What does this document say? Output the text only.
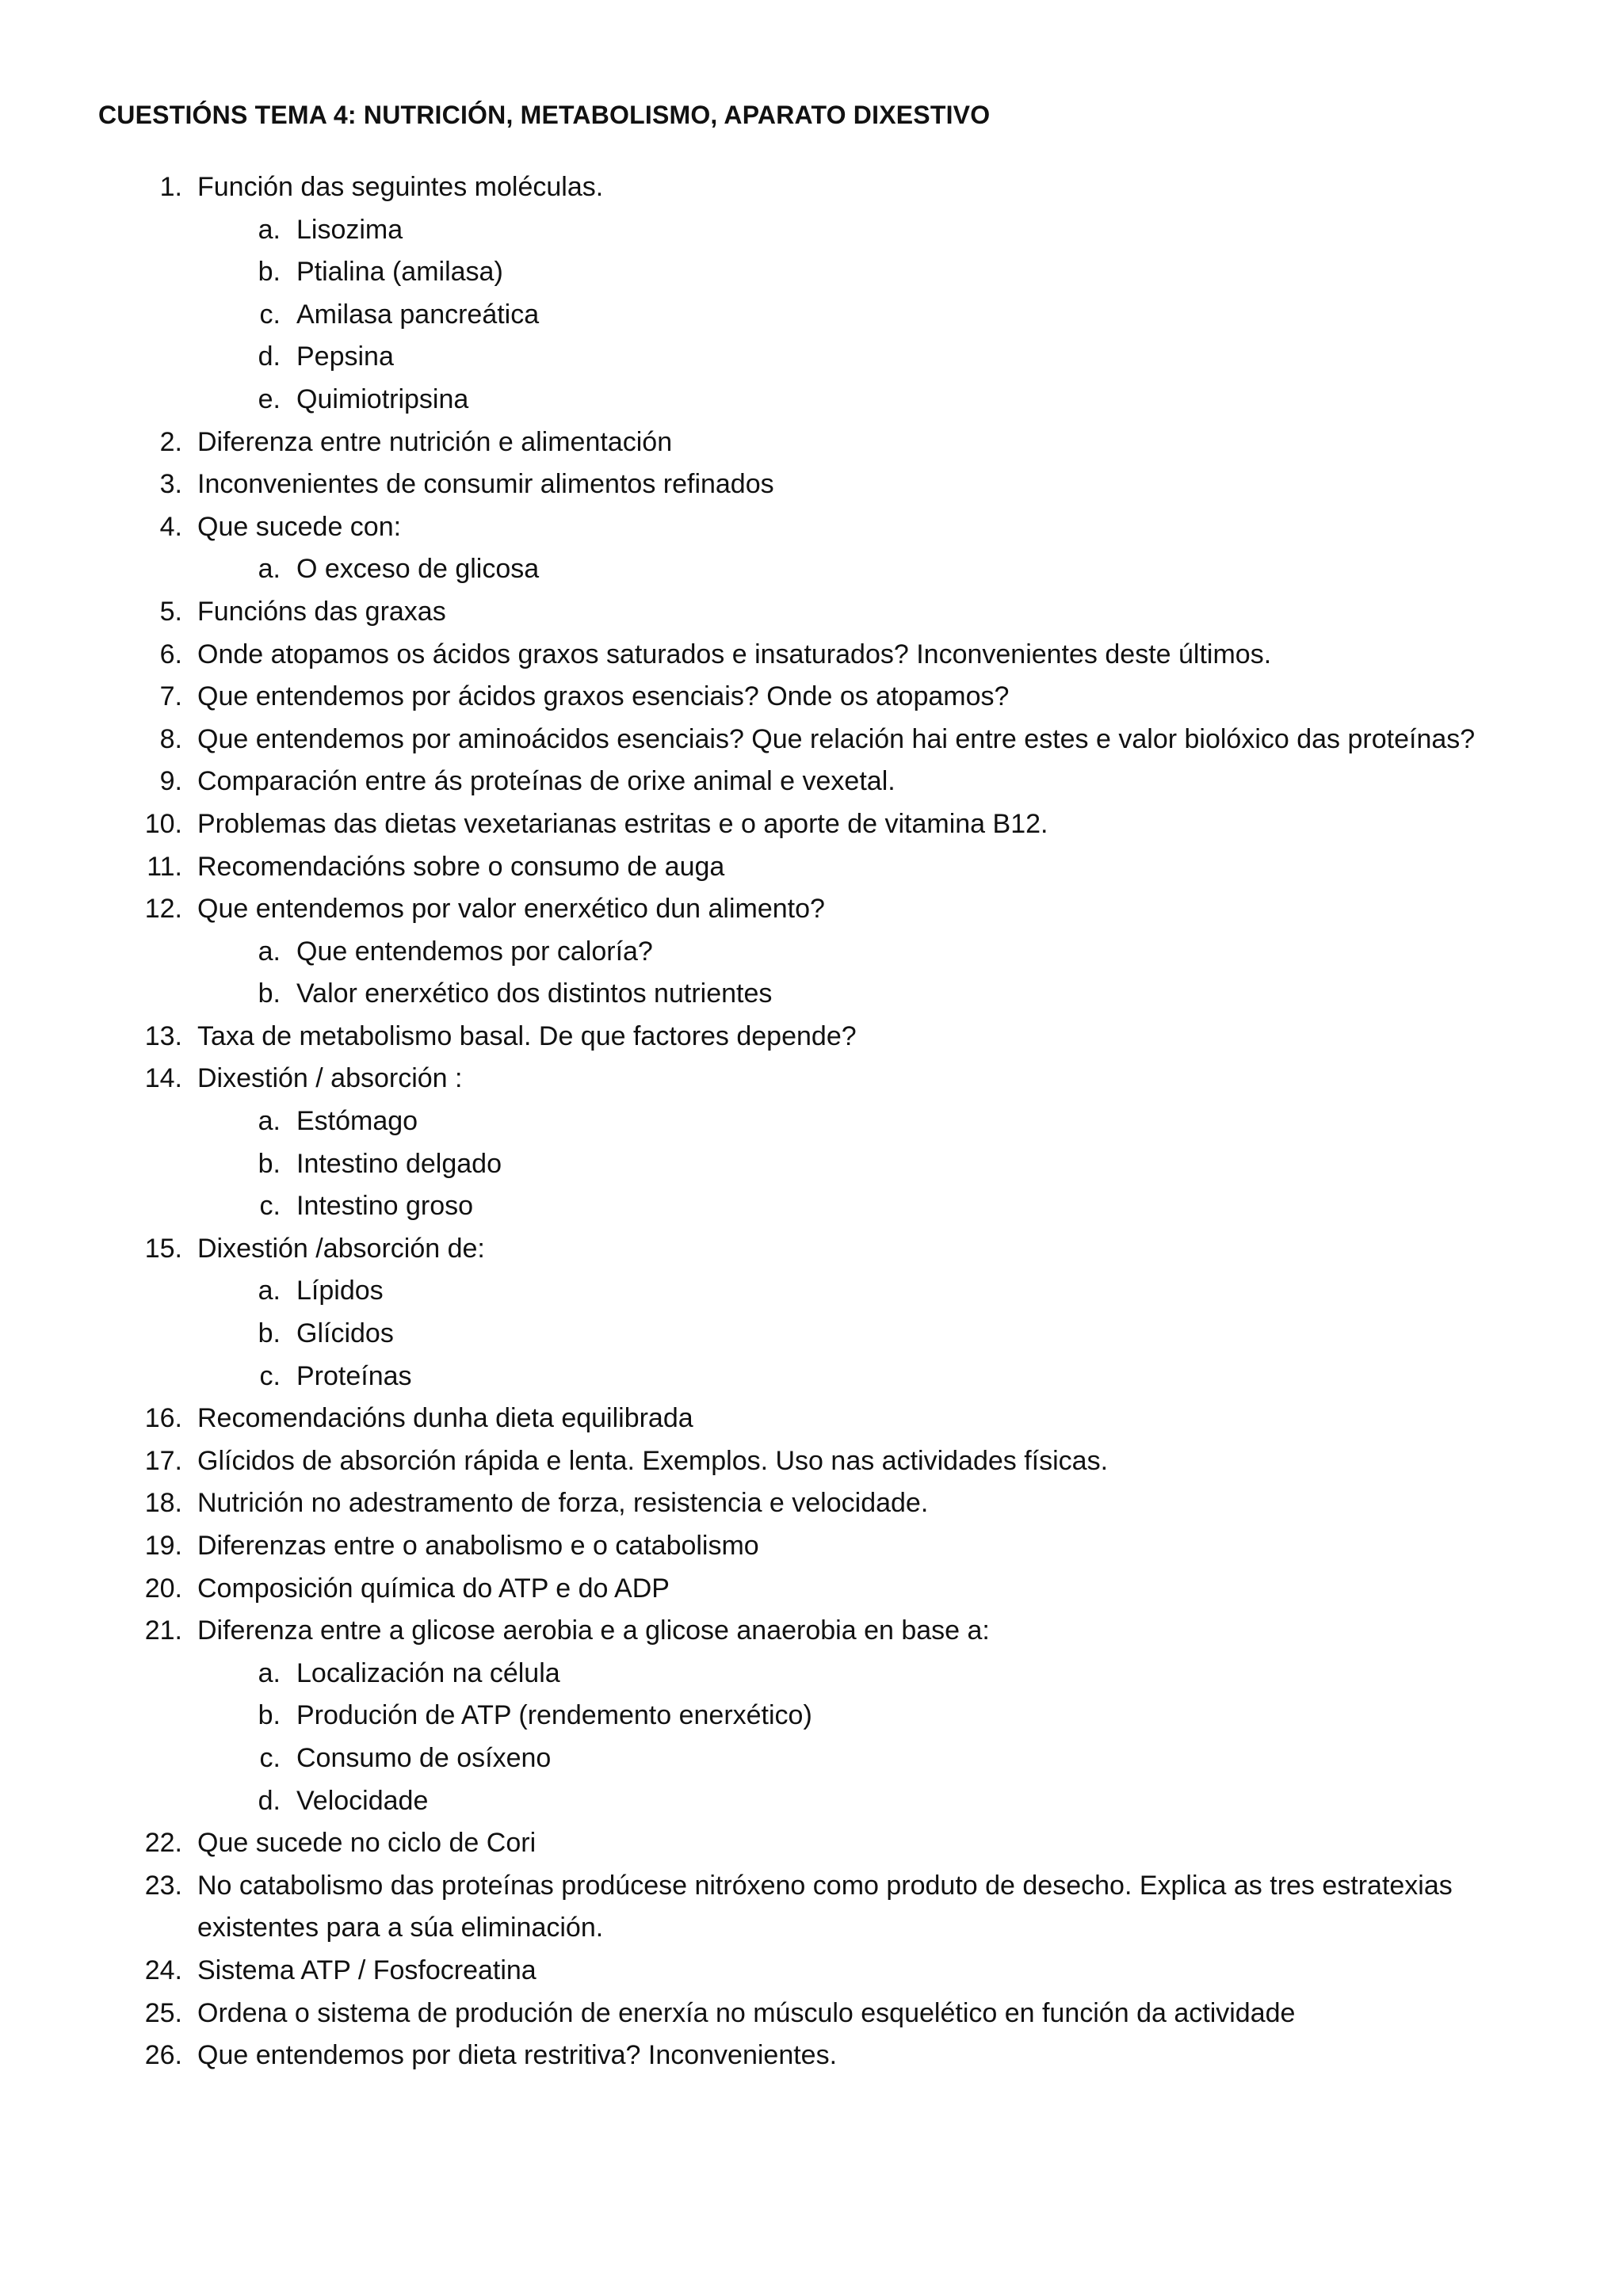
CUESTIÓNS TEMA 4: NUTRICIÓN, METABOLISMO, APARATO DIXESTIVO
1. Función das seguintes moléculas.
a. Lisozima
b. Ptialina (amilasa)
c. Amilasa pancreática
d. Pepsina
e. Quimiotripsina
2. Diferenza entre nutrición e alimentación
3. Inconvenientes de consumir alimentos refinados
4. Que sucede con:
a. O exceso de glicosa
5. Funcións das graxas
6. Onde atopamos os ácidos graxos saturados e insaturados? Inconvenientes deste últimos.
7. Que entendemos por ácidos graxos esenciais? Onde os atopamos?
8. Que entendemos por aminoácidos esenciais? Que relación hai entre estes e valor biolóxico das proteínas?
9. Comparación entre ás proteínas de orixe animal e vexetal.
10. Problemas das dietas vexetarianas estritas e o aporte de vitamina B12.
11. Recomendacións sobre o consumo de auga
12. Que entendemos por valor enerxético dun alimento?
a. Que entendemos por caloría?
b. Valor enerxético dos distintos nutrientes
13. Taxa de metabolismo basal. De que factores depende?
14. Dixestión / absorción :
a. Estómago
b. Intestino delgado
c. Intestino groso
15. Dixestión /absorción de:
a. Lípidos
b. Glícidos
c. Proteínas
16. Recomendacións dunha dieta equilibrada
17. Glícidos de absorción rápida e lenta. Exemplos. Uso nas actividades físicas.
18. Nutrición no adestramento de forza, resistencia e velocidade.
19. Diferenzas entre o anabolismo e o catabolismo
20. Composición química do ATP e do ADP
21. Diferenza entre a glicose aerobia e a glicose anaerobia en base a:
a. Localización na célula
b. Produción de ATP (rendemento enerxético)
c. Consumo de osíxeno
d. Velocidade
22. Que sucede no ciclo de Cori
23. No catabolismo das proteínas prodúcese nitróxeno como produto de desecho. Explica as tres estratexias
existentes para a súa eliminación.
24. Sistema ATP / Fosfocreatina
25. Ordena o sistema de produción de enerxía no músculo esquelético en función da actividade
26. Que entendemos por dieta restritiva? Inconvenientes.
